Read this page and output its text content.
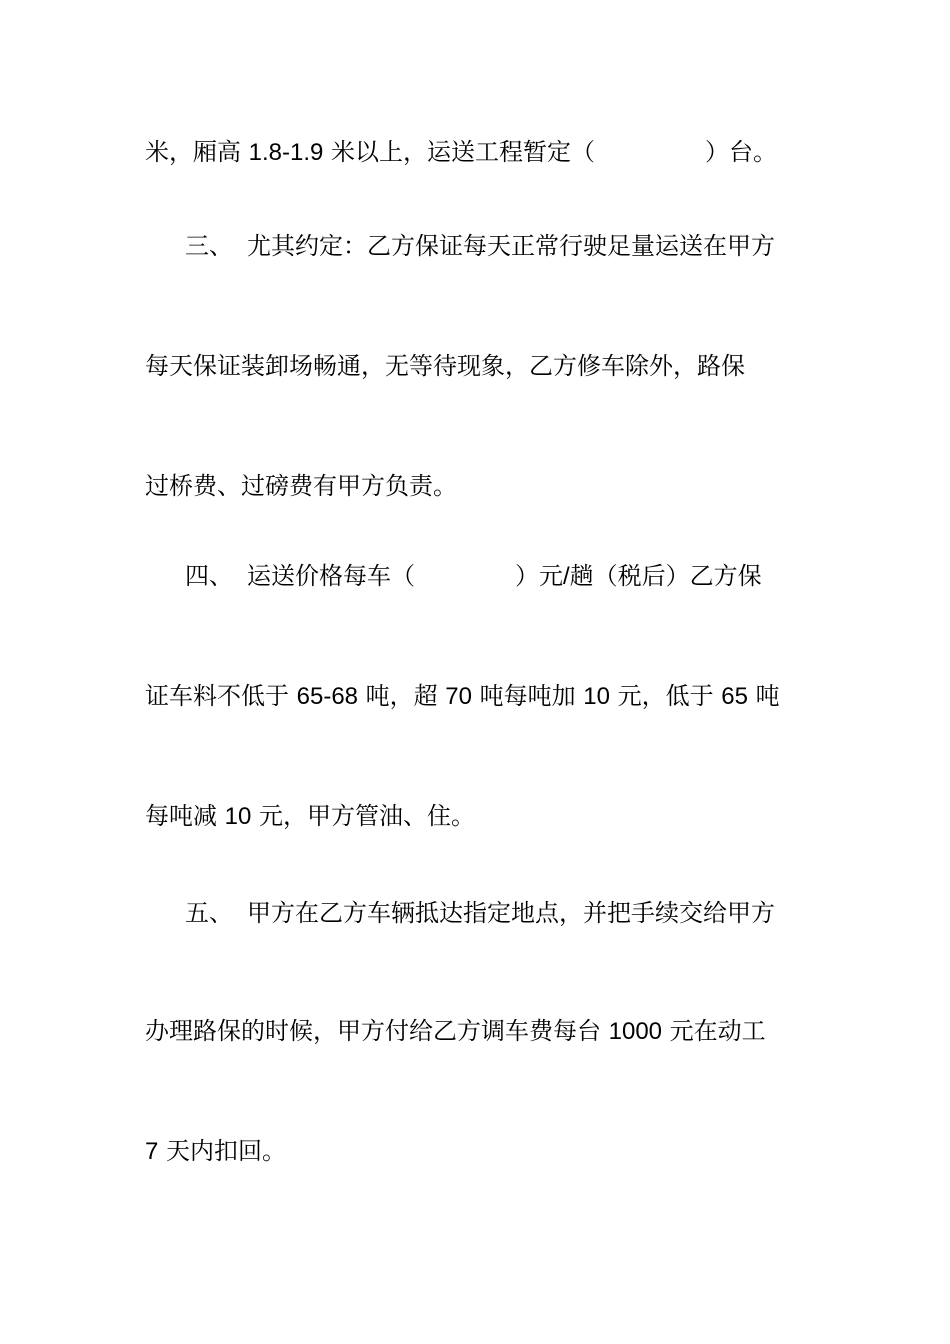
米，厢高 1.8-1.9 米以上，运送工程暂定（	）台。
三、 尤其约定：乙方保证每天正常行驶足量运送在甲方
每天保证装卸场畅通，无等待现象，乙方修车除外，路保
过桥费、过磅费有甲方负责。
四、 运送价格每车（	）元/趟（税后）乙方保
证车料不低于 65-68 吨，超 70 吨每吨加 10 元，低于 65 吨
每吨减 10 元，甲方管油、住。
五、 甲方在乙方车辆抵达指定地点，并把手续交给甲方
办理路保的时候，甲方付给乙方调车费每台 1000 元在动工
7 天内扣回。
